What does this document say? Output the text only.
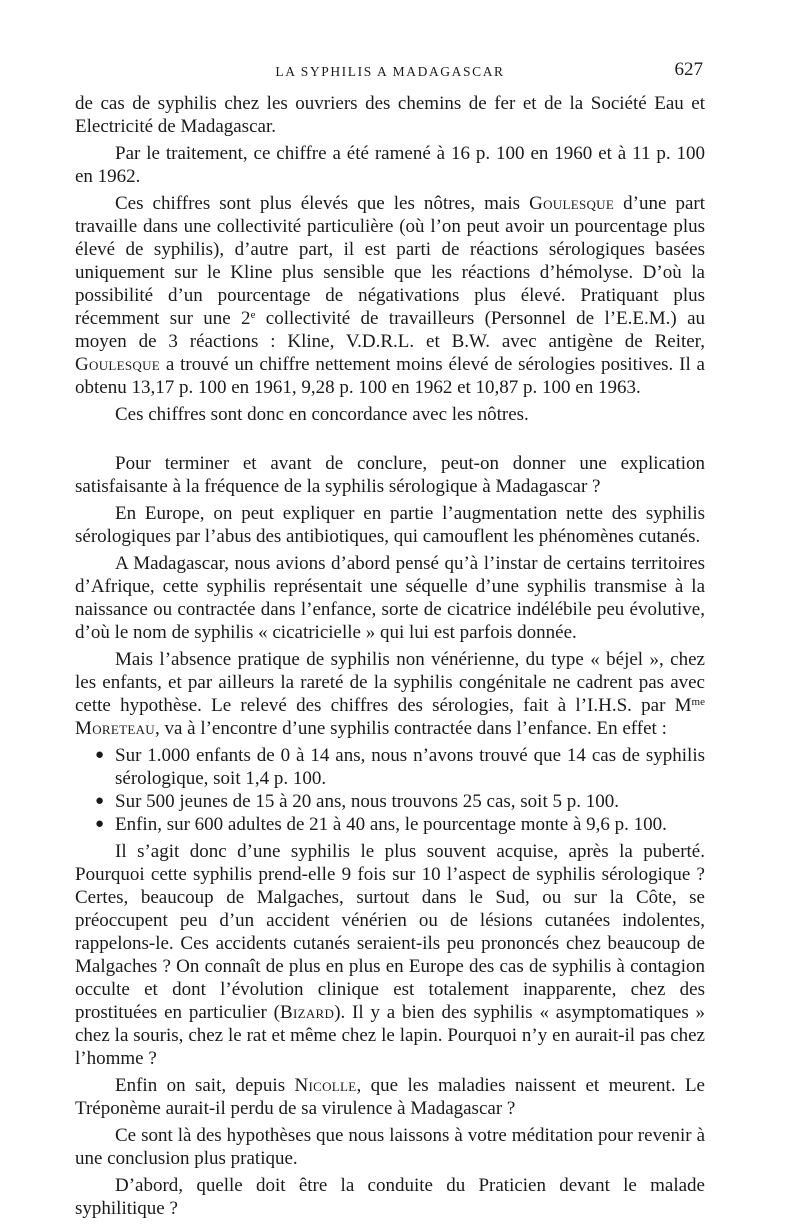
LA SYPHILIS A MADAGASCAR	627

de cas de syphilis chez les ouvriers des chemins de fer et de la Société Eau et Electricité de Madagascar.

Par le traitement, ce chiffre a été ramené à 16 p. 100 en 1960 et à 11 p. 100 en 1962.

Ces chiffres sont plus élevés que les nôtres, mais Goulesque d’une part travaille dans une collectivité particulière (où l’on peut avoir un pourcentage plus élevé de syphilis), d’autre part, il est parti de réactions sérologiques basées uniquement sur le Kline plus sensible que les réactions d’hémolyse. D’où la possibilité d’un pourcentage de négativations plus élevé. Pratiquant plus récemment sur une 2e collectivité de travailleurs (Personnel de l’E.E.M.) au moyen de 3 réactions : Kline, V.D.R.L. et B.W. avec antigène de Reiter, Goulesque a trouvé un chiffre nettement moins élevé de sérologies positives. Il a obtenu 13,17 p. 100 en 1961, 9,28 p. 100 en 1962 et 10,87 p. 100 en 1963.

Ces chiffres sont donc en concordance avec les nôtres.

Pour terminer et avant de conclure, peut-on donner une explication satisfaisante à la fréquence de la syphilis sérologique à Madagascar ?

En Europe, on peut expliquer en partie l’augmentation nette des syphilis sérologiques par l’abus des antibiotiques, qui camouflent les phénomènes cutanés.

A Madagascar, nous avions d’abord pensé qu’à l’instar de certains territoires d’Afrique, cette syphilis représentait une séquelle d’une syphilis transmise à la naissance ou contractée dans l’enfance, sorte de cicatrice indélébile peu évolutive, d’où le nom de syphilis « cicatricielle » qui lui est parfois donnée.

Mais l’absence pratique de syphilis non vénérienne, du type « béjel », chez les enfants, et par ailleurs la rareté de la syphilis congénitale ne cadrent pas avec cette hypothèse. Le relevé des chiffres des sérologies, fait à l’I.H.S. par $M^{me}$ Moreteau, va à l’encontre d’une syphilis contractée dans l’enfance. En effet :

● Sur 1.000 enfants de 0 à 14 ans, nous n’avons trouvé que 14 cas de syphilis sérologique, soit 1,4 p. 100.
● Sur 500 jeunes de 15 à 20 ans, nous trouvons 25 cas, soit 5 p. 100.
● Enfin, sur 600 adultes de 21 à 40 ans, le pourcentage monte à 9,6 p. 100.

Il s’agit donc d’une syphilis le plus souvent acquise, après la puberté. Pourquoi cette syphilis prend-elle 9 fois sur 10 l’aspect de syphilis sérologique ? Certes, beaucoup de Malgaches, surtout dans le Sud, ou sur la Côte, se préoccupent peu d’un accident vénérien ou de lésions cutanées indolentes, rappelons-le. Ces accidents cutanés seraient-ils peu prononcés chez beaucoup de Malgaches ? On connaît de plus en plus en Europe des cas de syphilis à contagion occulte et dont l’évolution clinique est totalement inapparente, chez des prostituées en particulier (Bizard). Il y a bien des syphilis « asymptomatiques » chez la souris, chez le rat et même chez le lapin. Pourquoi n’y en aurait-il pas chez l’homme ?

Enfin on sait, depuis Nicolle, que les maladies naissent et meurent. Le Tréponème aurait-il perdu de sa virulence à Madagascar ?

Ce sont là des hypothèses que nous laissons à votre méditation pour revenir à une conclusion plus pratique.

D’abord, quelle doit être la conduite du Praticien devant le malade syphilitique ?
